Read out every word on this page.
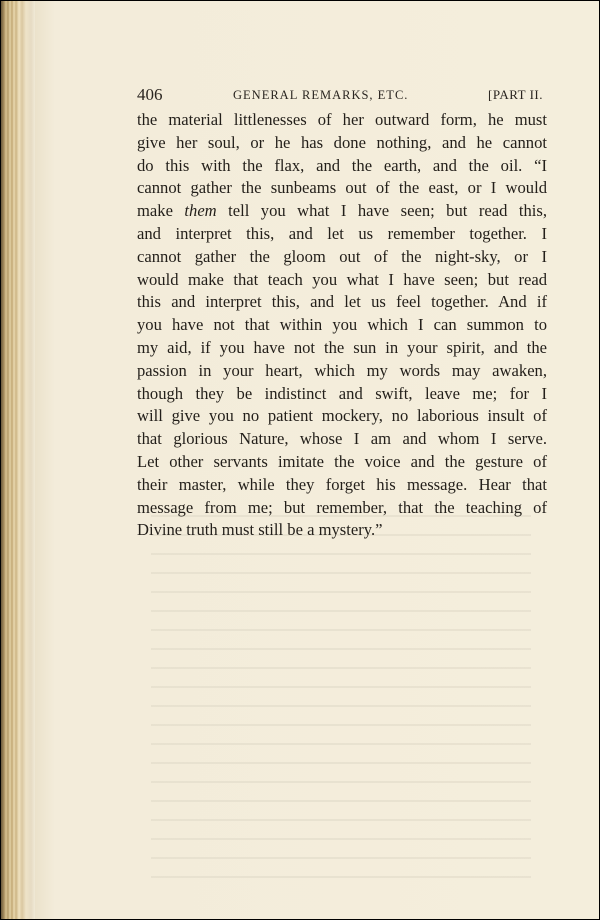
406	GENERAL REMARKS, ETC.	[PART II.
the material littlenesses of her outward form, he must
give her soul, or he has done nothing, and he cannot
do this with the flax, and the earth, and the oil. “I
cannot gather the sunbeams out of the east, or I would
make them tell you what I have seen; but read this,
and interpret this, and let us remember together. I
cannot gather the gloom out of the night-sky, or I
would make that teach you what I have seen; but read
this and interpret this, and let us feel together. And if
you have not that within you which I can summon to
my aid, if you have not the sun in your spirit, and the
passion in your heart, which my words may awaken,
though they be indistinct and swift, leave me; for I
will give you no patient mockery, no laborious insult of
that glorious Nature, whose I am and whom I serve.
Let other servants imitate the voice and the gesture of
their master, while they forget his message. Hear that
message from me; but remember, that the teaching of
Divine truth must still be a mystery.”
